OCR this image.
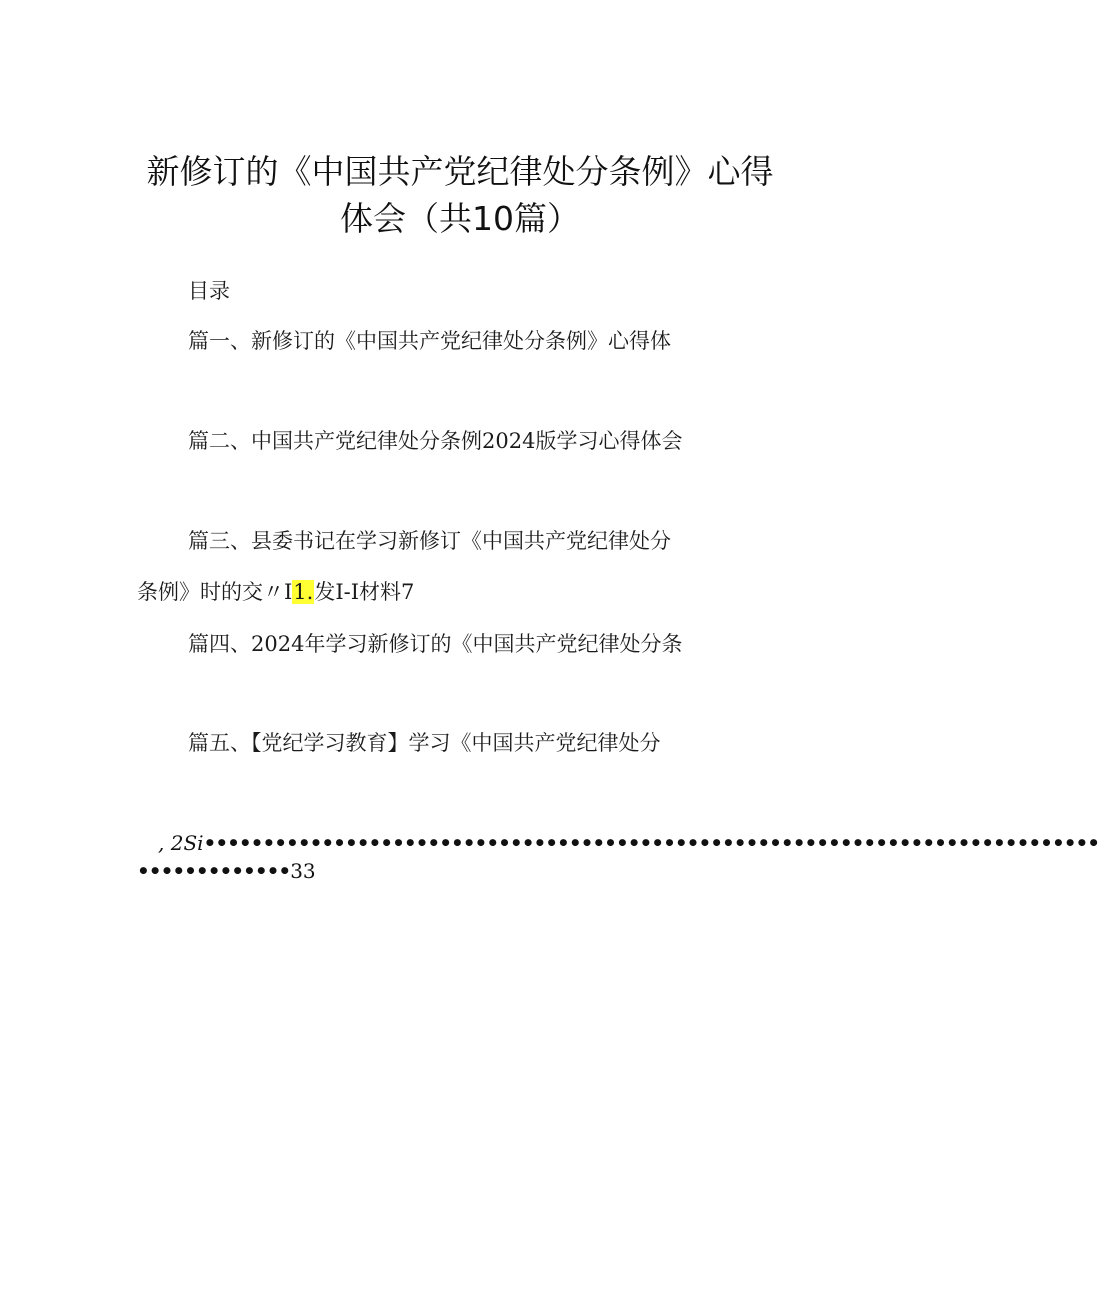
新修订的《中国共产党纪律处分条例》心得
体会（共10篇）
目录
篇一、新修订的《中国共产党纪律处分条例》心得体
篇二、中国共产党纪律处分条例2024版学习心得体会
篇三、县委书记在学习新修订《中国共产党纪律处分
条例》时的交〃I1.发I-I材料7
篇四、2024年学习新修订的《中国共产党纪律处分条
篇五、【党纪学习教育】学习《中国共产党纪律处分
, 2Si••••••••••••••••••••••••••••••••••••••••••••••••••••••••••••••••••••••••••••
•••••••••••••33
